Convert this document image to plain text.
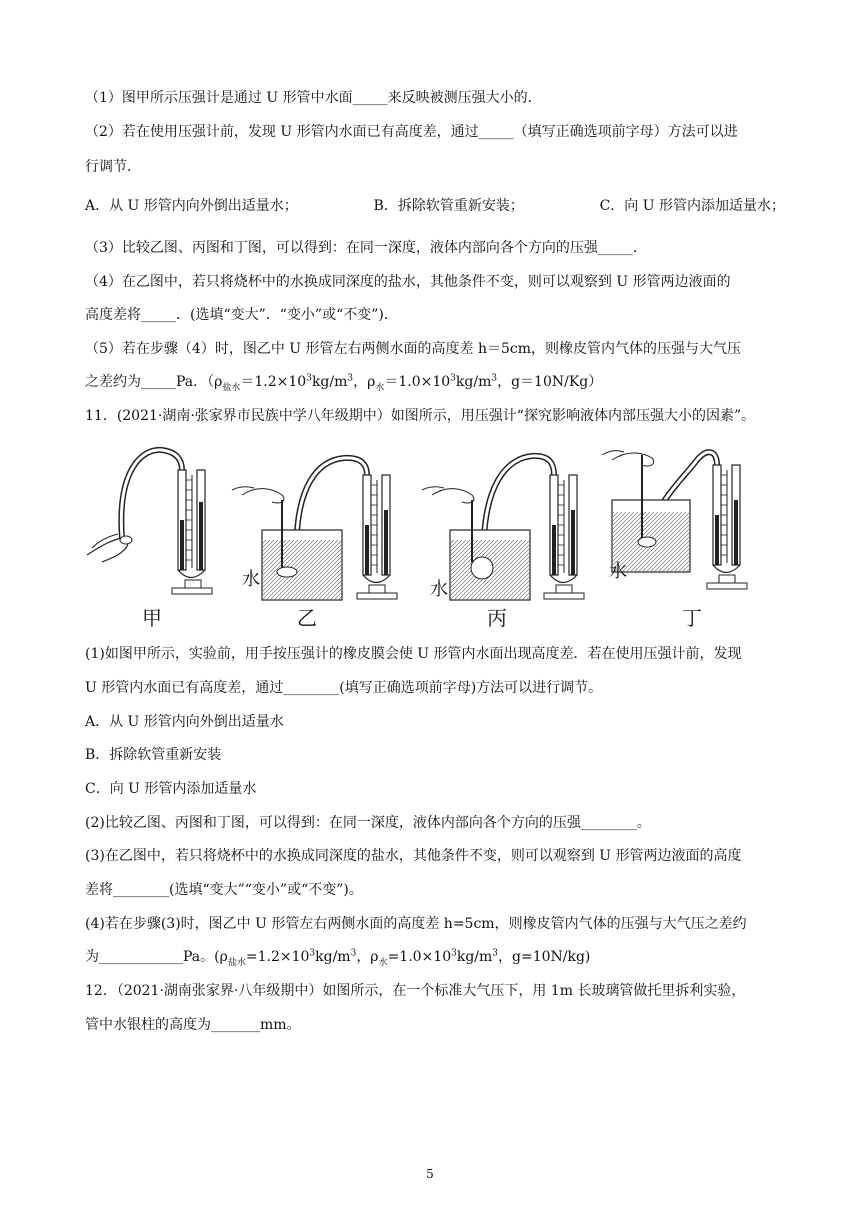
（1）图甲所示压强计是通过 U 形管中水面_____来反映被测压强大小的．
（2）若在使用压强计前，发现 U 形管内水面已有高度差，通过_____（填写正确选项前字母）方法可以进
行调节．
A．从 U 形管内向外倒出适量水；	B．拆除软管重新安装；	C．向 U 形管内添加适量水；
（3）比较乙图、丙图和丁图，可以得到：在同一深度，液体内部向各个方向的压强_____．
（4）在乙图中，若只将烧杯中的水换成同深度的盐水，其他条件不变，则可以观察到 U 形管两边液面的
高度差将_____．(选填“变大”．“变小”或“不变”)．
（5）若在步骤（4）时，图乙中 U 形管左右两侧水面的高度差 h＝5cm，则橡皮管内气体的压强与大气压
之差约为_____Pa．（$\rho_{盐水}=1.2\times 10^3kg/m^3$，$\rho_水=1.0\times 10^3kg/m^3$，g＝10N/Kg）
11．(2021·湖南·张家界市民族中学八年级期中）如图所示，用压强计“探究影响液体内部压强大小的因素”。
水	水
水
甲	乙	丙	丁
(1)如图甲所示，实验前，用手按压强计的橡皮膜会使 U 形管内水面出现高度差．若在使用压强计前，发现
U 形管内水面已有高度差，通过________(填写正确选项前字母)方法可以进行调节。
A．从 U 形管内向外倒出适量水
B．拆除软管重新安装
C．向 U 形管内添加适量水
(2)比较乙图、丙图和丁图，可以得到：在同一深度，液体内部向各个方向的压强________。
(3)在乙图中，若只将烧杯中的水换成同深度的盐水，其他条件不变，则可以观察到 U 形管两边液面的高度
差将________(选填“变大”“变小”或“不变”)。
(4)若在步骤(3)时，图乙中 U 形管左右两侧水面的高度差 h=5cm，则橡皮管内气体的压强与大气压之差约
为____________Pa。($\rho_{盐水}=1.2\times 10^3kg/m^3$，$\rho_水=1.0\times 10^3kg/m^3$，g=10N/kg)
12．（2021·湖南张家界·八年级期中）如图所示，在一个标准大气压下，用 1m 长玻璃管做托里拆利实验，
管中水银柱的高度为_______mm。
5
